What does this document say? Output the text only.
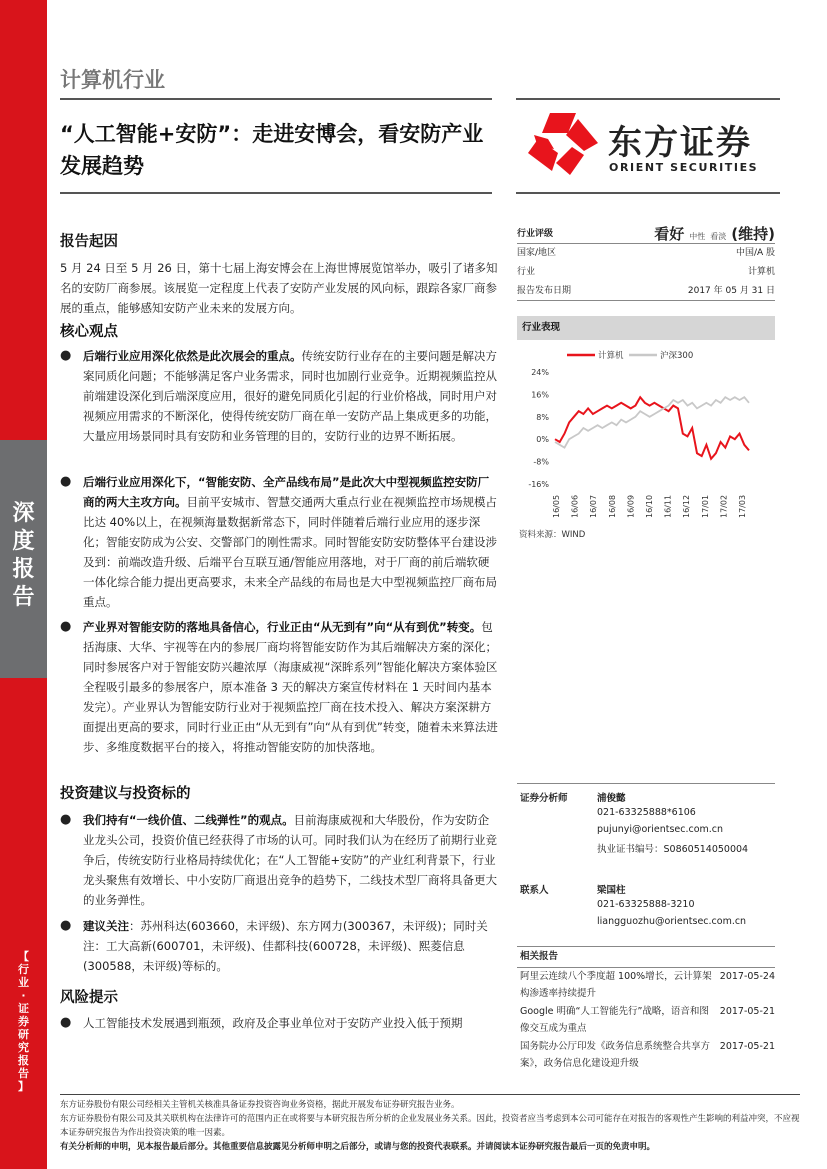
深
度
报
告
【
行
业
·
证
券
研
究
报
告
】
计算机行业
“人工智能+安防”：走进安博会，看安防产业发展趋势
东方证券
ORIENT SECURITIES
报告起因
5 月 24 日至 5 月 26 日，第十七届上海安博会在上海世博展览馆举办，吸引了诸多知名的安防厂商参展。该展览一定程度上代表了安防产业发展的风向标，跟踪各家厂商参展的重点，能够感知安防产业未来的发展方向。
核心观点
● 后端行业应用深化依然是此次展会的重点。传统安防行业存在的主要问题是解决方案同质化问题；不能够满足客户业务需求，同时也加剧行业竞争。近期视频监控从前端建设深化到后端深度应用，很好的避免同质化引起的行业价格战，同时用户对视频应用需求的不断深化，使得传统安防厂商在单一安防产品上集成更多的功能，大量应用场景同时具有安防和业务管理的目的，安防行业的边界不断拓展。
● 后端行业应用深化下，“智能安防、全产品线布局”是此次大中型视频监控安防厂商的两大主攻方向。目前平安城市、智慧交通两大重点行业在视频监控市场规模占比达 40%以上，在视频海量数据新常态下，同时伴随着后端行业应用的逐步深化；智能安防成为公安、交警部门的刚性需求。同时智能安防安防整体平台建设涉及到：前端改造升级、后端平台互联互通/智能应用落地，对于厂商的前后端软硬一体化综合能力提出更高要求，未来全产品线的布局也是大中型视频监控厂商布局重点。
● 产业界对智能安防的落地具备信心，行业正由“从无到有”向“从有到优”转变。包括海康、大华、宇视等在内的参展厂商均将智能安防作为其后端解决方案的深化；同时参展客户对于智能安防兴趣浓厚（海康威视“深眸系列”智能化解决方案体验区全程吸引最多的参展客户，原本准备 3 天的解决方案宣传材料在 1 天时间内基本发完）。产业界认为智能安防行业对于视频监控厂商在技术投入、解决方案深耕方面提出更高的要求，同时行业正由“从无到有”向“从有到优”转变，随着未来算法进步、多维度数据平台的接入，将推动智能安防的加快落地。
投资建议与投资标的
● 我们持有“一线价值、二线弹性”的观点。目前海康威视和大华股份，作为安防企业龙头公司，投资价值已经获得了市场的认可。同时我们认为在经历了前期行业竞争后，传统安防行业格局持续优化；在“人工智能+安防”的产业红利背景下，行业龙头聚焦有效增长、中小安防厂商退出竞争的趋势下，二线技术型厂商将具备更大的业务弹性。
● 建议关注：苏州科达(603660，未评级)、东方网力(300367，未评级)；同时关注：工大高新(600701，未评级)、佳都科技(600728，未评级)、熙菱信息(300588，未评级)等标的。
风险提示
● 人工智能技术发展遇到瓶颈，政府及企事业单位对于安防产业投入低于预期
行业评级	看好 中性 看淡 (维持)
国家/地区	中国/A 股
行业	计算机
报告发布日期	2017 年 05 月 31 日
行业表现
计算机	沪深300
24%
16%
8%
0%
-8%
-16%
16/05 16/06 16/07 16/08 16/09 16/10 16/11 16/12 17/01 17/02 17/03
资料来源：WIND
证券分析师	浦俊懿
021-63325888*6106
pujunyi@orientsec.com.cn
执业证书编号：S0860514050004
联系人	梁国柱
021-63325888-3210
liangguozhu@orientsec.com.cn
相关报告
阿里云连续八个季度超 100%增长，云计算架构渗透率持续提升
2017-05-24
Google 明确“人工智能先行”战略，语音和图像交互成为重点
2017-05-21
国务院办公厅印发《政务信息系统整合共享方案》，政务信息化建设迎升级
2017-05-21
东方证券股份有限公司经相关主管机关核准具备证券投资咨询业务资格，据此开展发布证券研究报告业务。
东方证券股份有限公司及其关联机构在法律许可的范围内正在或将要与本研究报告所分析的企业发展业务关系。因此，投资者应当考虑到本公司可能存在对报告的客观性产生影响的利益冲突，不应视本证券研究报告为作出投资决策的唯一因素。
有关分析师的申明，见本报告最后部分。其他重要信息披露见分析师申明之后部分，或请与您的投资代表联系。并请阅读本证券研究报告最后一页的免责申明。
